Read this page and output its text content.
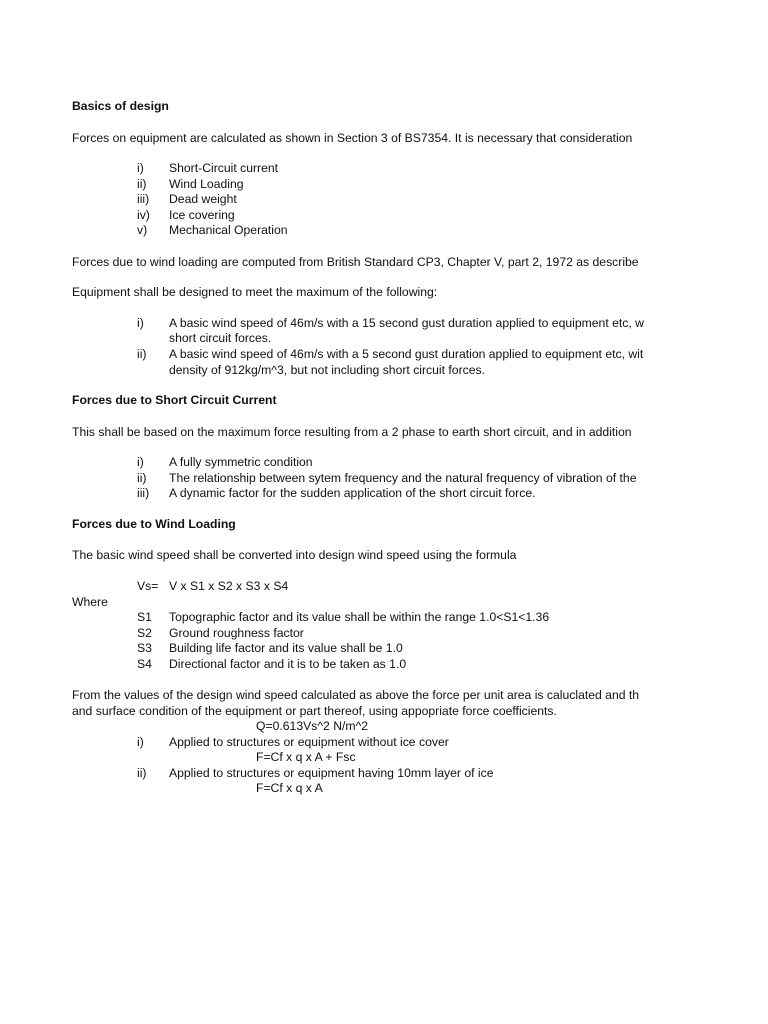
Basics of design
Forces on equipment are calculated as shown in Section 3 of BS7354. It is necessary that consideration
i) Short-Circuit current
ii) Wind Loading
iii) Dead weight
iv) Ice covering
v) Mechanical Operation
Forces due to wind loading are computed from British Standard CP3, Chapter V, part 2, 1972 as describe
Equipment shall be designed to meet the maximum of the following:
i) A basic wind speed of 46m/s with a 15 second gust duration applied to equipment etc, w
short circuit forces.
ii) A basic wind speed of 46m/s with a 5 second gust duration applied to equipment etc, wit
density of 912kg/m^3, but not including short circuit forces.
Forces due to Short Circuit Current
This shall be based on the maximum force resulting from a 2 phase to earth short circuit, and in addition
i) A fully symmetric condition
ii) The relationship between sytem frequency and the natural frequency of vibration of the
iii) A dynamic factor for the sudden application of the short circuit force.
Forces due to Wind Loading
The basic wind speed shall be converted into design wind speed using the formula
Vs= V x S1 x S2 x S3 x S4
Where
S1 Topographic factor and its value shall be within the range 1.0<S1<1.36
S2 Ground roughness factor
S3 Building life factor and its value shall be 1.0
S4 Directional factor and it is to be taken as 1.0
From the values of the design wind speed calculated as above the force per unit area is caluclated and th
and surface condition of the equipment or part thereof, using appopriate force coefficients.
Q=0.613Vs^2 N/m^2
i) Applied to structures or equipment without ice cover
F=Cf x q x A + Fsc
ii) Applied to structures or equipment having 10mm layer of ice
F=Cf x q x A
